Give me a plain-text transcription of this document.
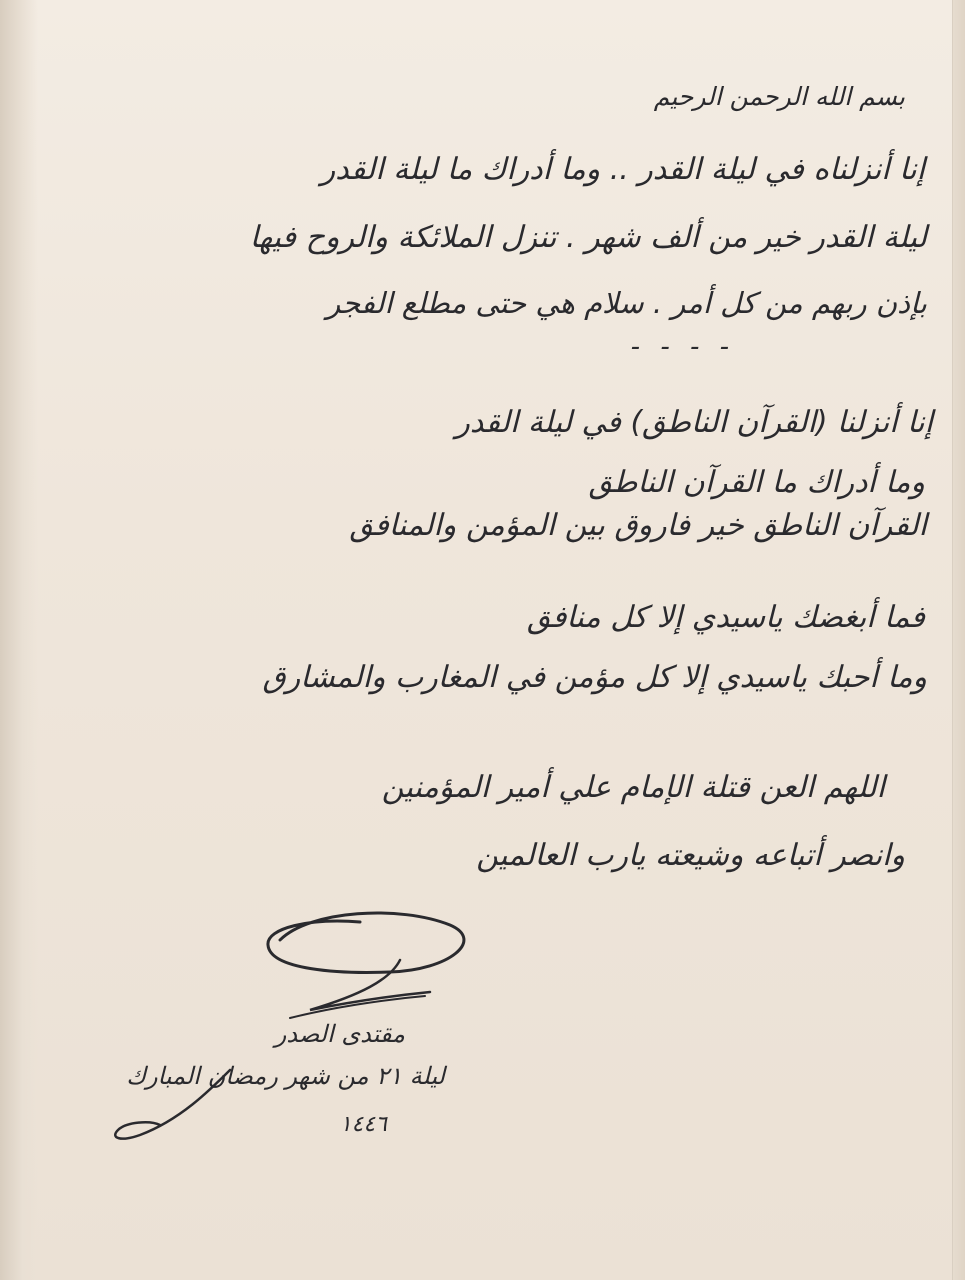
بسم الله الرحمن الرحيم
إنا أنزلناه في ليلة القدر .. وما أدراك ما ليلة القدر
ليلة القدر خير من ألف شهر . تنزل الملائكة والروح فيها
بإذن ربهم من كل أمر . سلام هي حتى مطلع الفجر
- - - -
إنا أنزلنا (القرآن الناطق) في ليلة القدر
وما أدراك ما القرآن الناطق
القرآن الناطق خير فاروق بين المؤمن والمنافق
فما أبغضك ياسيدي إلا كل منافق
وما أحبك ياسيدي إلا كل مؤمن في المغارب والمشارق
اللهم العن قتلة الإمام علي أمير المؤمنين
وانصر أتباعه وشيعته يارب العالمين
مقتدى الصدر
ليلة ٢١ من شهر رمضان المبارك
١٤٤٦
